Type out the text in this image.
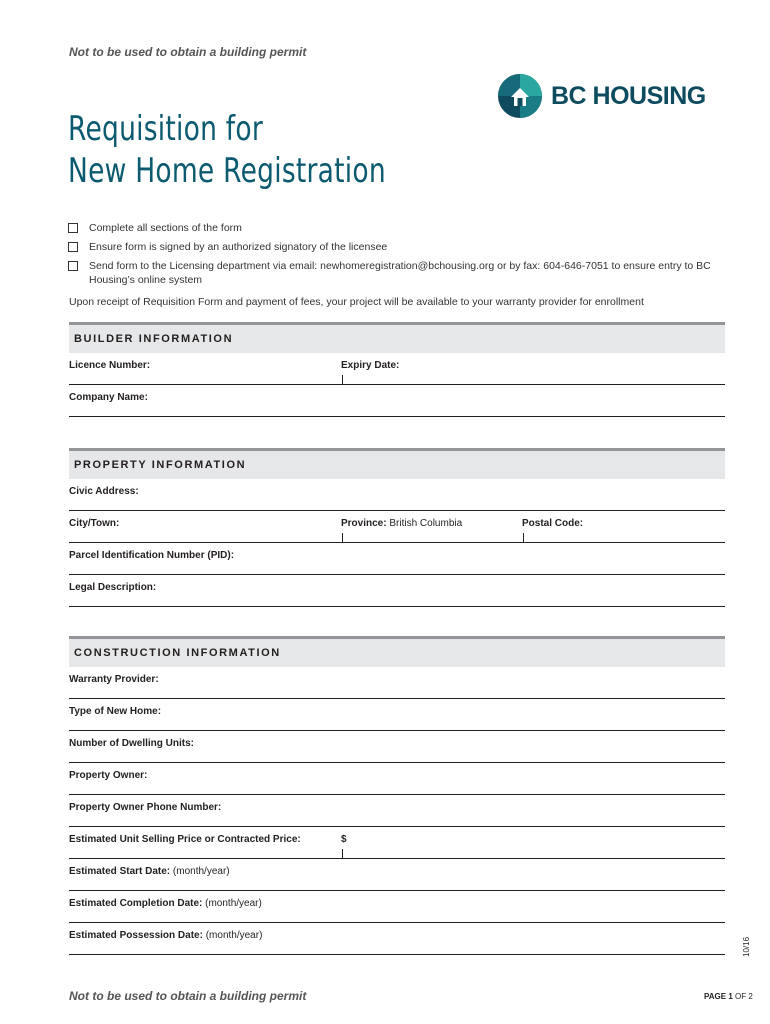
Not to be used to obtain a building permit
BC HOUSING
Requisition for
New Home Registration
Complete all sections of the form
Ensure form is signed by an authorized signatory of the licensee
Send form to the Licensing department via email: newhomeregistration@bchousing.org or by fax: 604-646-7051 to ensure entry to BC Housing’s online system
Upon receipt of Requisition Form and payment of fees, your project will be available to your warranty provider for enrollment
BUILDER INFORMATION
Licence Number:	Expiry Date:
Company Name:
PROPERTY INFORMATION
Civic Address:
City/Town:	Province: British Columbia	Postal Code:
Parcel Identification Number (PID):
Legal Description:
CONSTRUCTION INFORMATION
Warranty Provider:
Type of New Home:
Number of Dwelling Units:
Property Owner:
Property Owner Phone Number:
Estimated Unit Selling Price or Contracted Price:	$
Estimated Start Date: (month/year)
Estimated Completion Date: (month/year)
Estimated Possession Date: (month/year)
10/16
Not to be used to obtain a building permit	PAGE 1 OF 2
